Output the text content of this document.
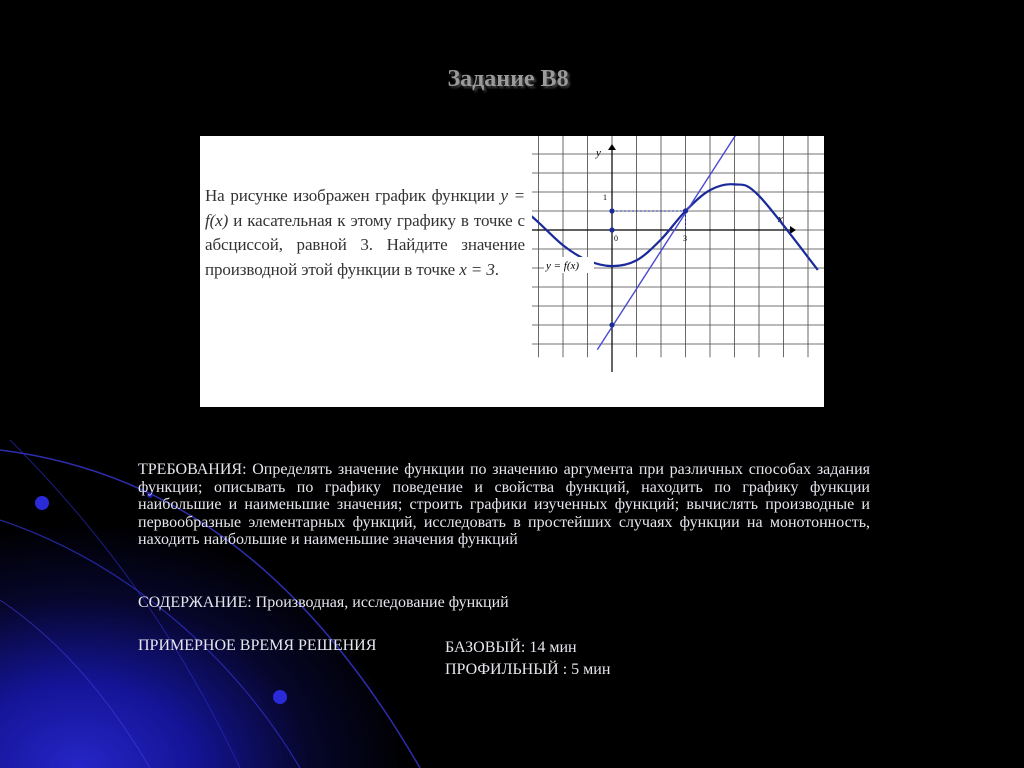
Задание В8
На рисунке изображен график функции y = f(x) и касательная к этому графику в точке с абсциссой, равной 3. Найдите значение производной этой функции в точке x = 3.
x
y
0
1
3
y = f(x)
ТРЕБОВАНИЯ: Определять значение функции по значению аргумента при различных способах задания функции; описывать по графику поведение и свойства функций, находить по графику функции наибольшие и наименьшие значения; строить графики изученных функций; вычислять производные и первообразные элементарных функций, исследовать в простейших случаях функции на монотонность, находить наибольшие и наименьшие значения функций
СОДЕРЖАНИЕ: Производная, исследование функций
ПРИМЕРНОЕ ВРЕМЯ РЕШЕНИЯ	БАЗОВЫЙ: 14 мин
ПРОФИЛЬНЫЙ : 5 мин
